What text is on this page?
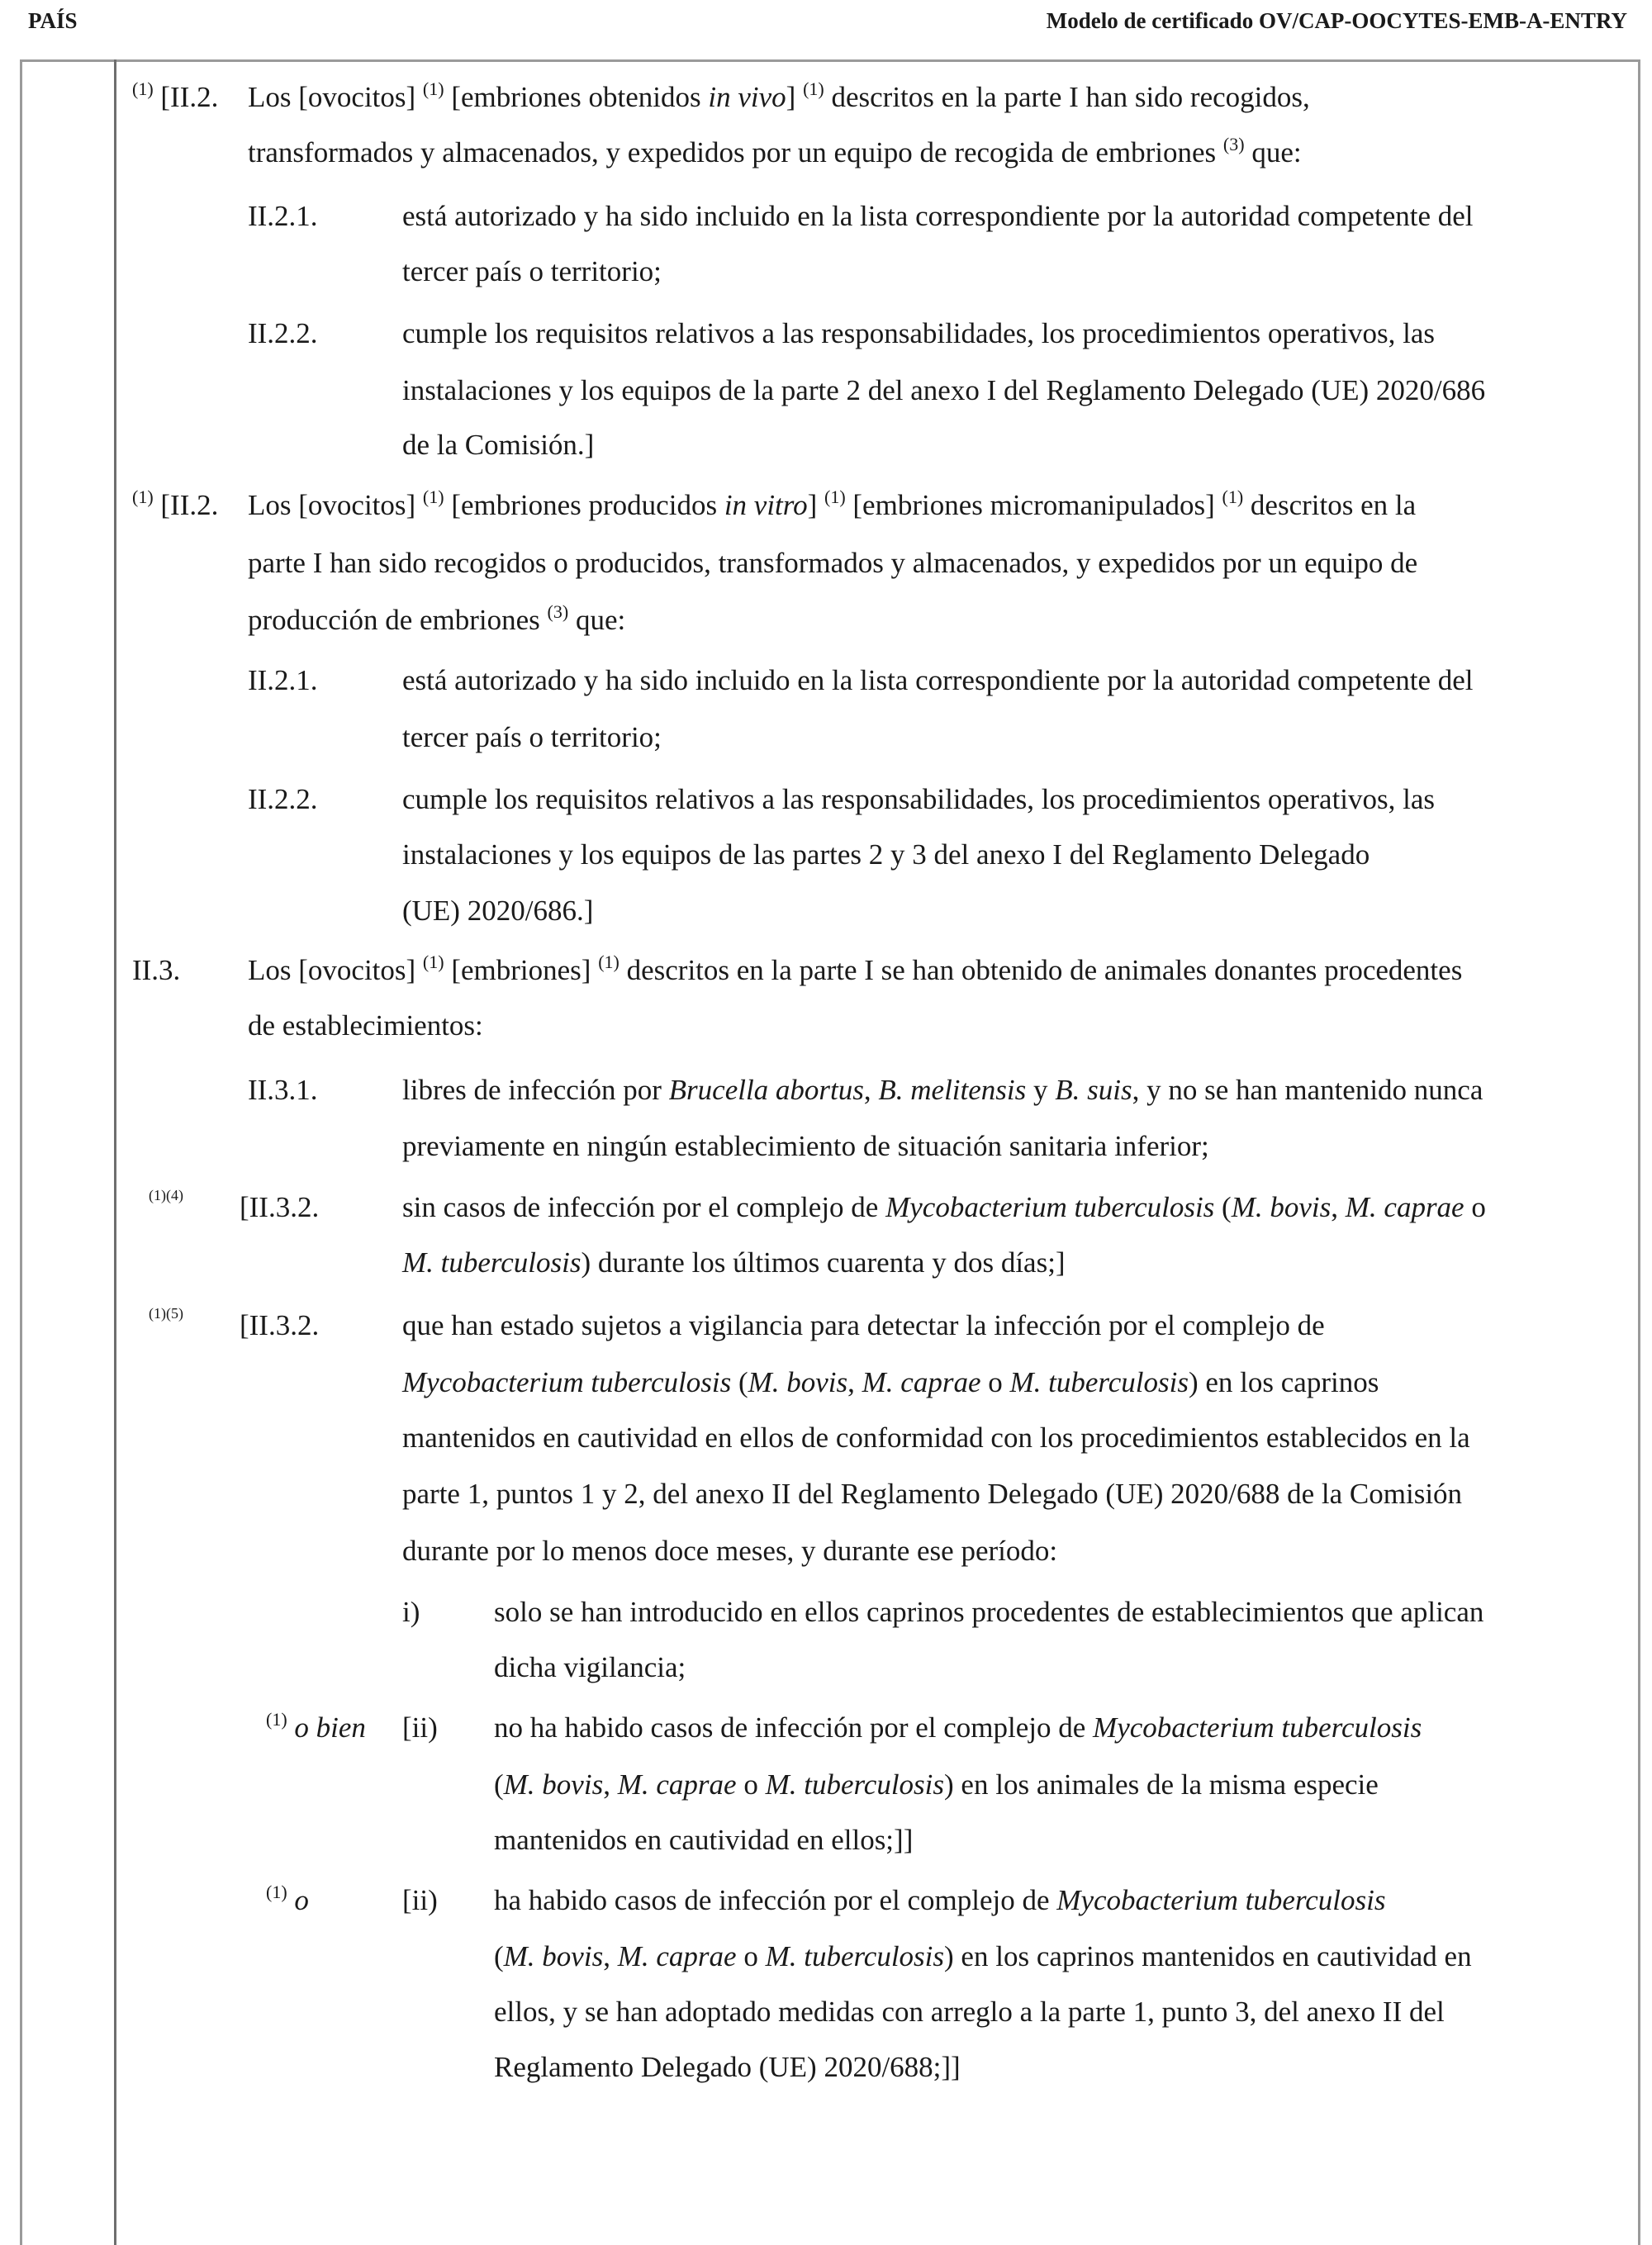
PAÍS	Modelo de certificado OV/CAP-OOCYTES-EMB-A-ENTRY
$^{(1)}$ [II.2. Los [ovocitos] $^{(1)}$ [embriones obtenidos in vivo] $^{(1)}$ descritos en la parte I han sido recogidos,
transformados y almacenados, y expedidos por un equipo de recogida de embriones $^{(3)}$ que:
II.2.1.	está autorizado y ha sido incluido en la lista correspondiente por la autoridad competente del
tercer país o territorio;
II.2.2.	cumple los requisitos relativos a las responsabilidades, los procedimientos operativos, las
instalaciones y los equipos de la parte 2 del anexo I del Reglamento Delegado (UE) 2020/686
de la Comisión.]
$^{(1)}$ [II.2. Los [ovocitos] $^{(1)}$ [embriones producidos in vitro] $^{(1)}$ [embriones micromanipulados] $^{(1)}$ descritos en la
parte I han sido recogidos o producidos, transformados y almacenados, y expedidos por un equipo de
producción de embriones $^{(3)}$ que:
II.2.1.	está autorizado y ha sido incluido en la lista correspondiente por la autoridad competente del
tercer país o territorio;
II.2.2.	cumple los requisitos relativos a las responsabilidades, los procedimientos operativos, las
instalaciones y los equipos de las partes 2 y 3 del anexo I del Reglamento Delegado
(UE) 2020/686.]
II.3. Los [ovocitos] $^{(1)}$ [embriones] $^{(1)}$ descritos en la parte I se han obtenido de animales donantes procedentes
de establecimientos:
II.3.1.	libres de infección por Brucella abortus, B. melitensis y B. suis, y no se han mantenido nunca
previamente en ningún establecimiento de situación sanitaria inferior;
$^{(1)(4)}$ [II.3.2.	sin casos de infección por el complejo de Mycobacterium tuberculosis (M. bovis, M. caprae o
M. tuberculosis) durante los últimos cuarenta y dos días;]
$^{(1)(5)}$ [II.3.2.	que han estado sujetos a vigilancia para detectar la infección por el complejo de
Mycobacterium tuberculosis (M. bovis, M. caprae o M. tuberculosis) en los caprinos
mantenidos en cautividad en ellos de conformidad con los procedimientos establecidos en la
parte 1, puntos 1 y 2, del anexo II del Reglamento Delegado (UE) 2020/688 de la Comisión
durante por lo menos doce meses, y durante ese período:
i)	solo se han introducido en ellos caprinos procedentes de establecimientos que aplican
dicha vigilancia;
$^{(1)}$ o bien [ii) no ha habido casos de infección por el complejo de Mycobacterium tuberculosis
(M. bovis, M. caprae o M. tuberculosis) en los animales de la misma especie
mantenidos en cautividad en ellos;]]
$^{(1)}$ o	[ii) ha habido casos de infección por el complejo de Mycobacterium tuberculosis
(M. bovis, M. caprae o M. tuberculosis) en los caprinos mantenidos en cautividad en
ellos, y se han adoptado medidas con arreglo a la parte 1, punto 3, del anexo II del
Reglamento Delegado (UE) 2020/688;]]
